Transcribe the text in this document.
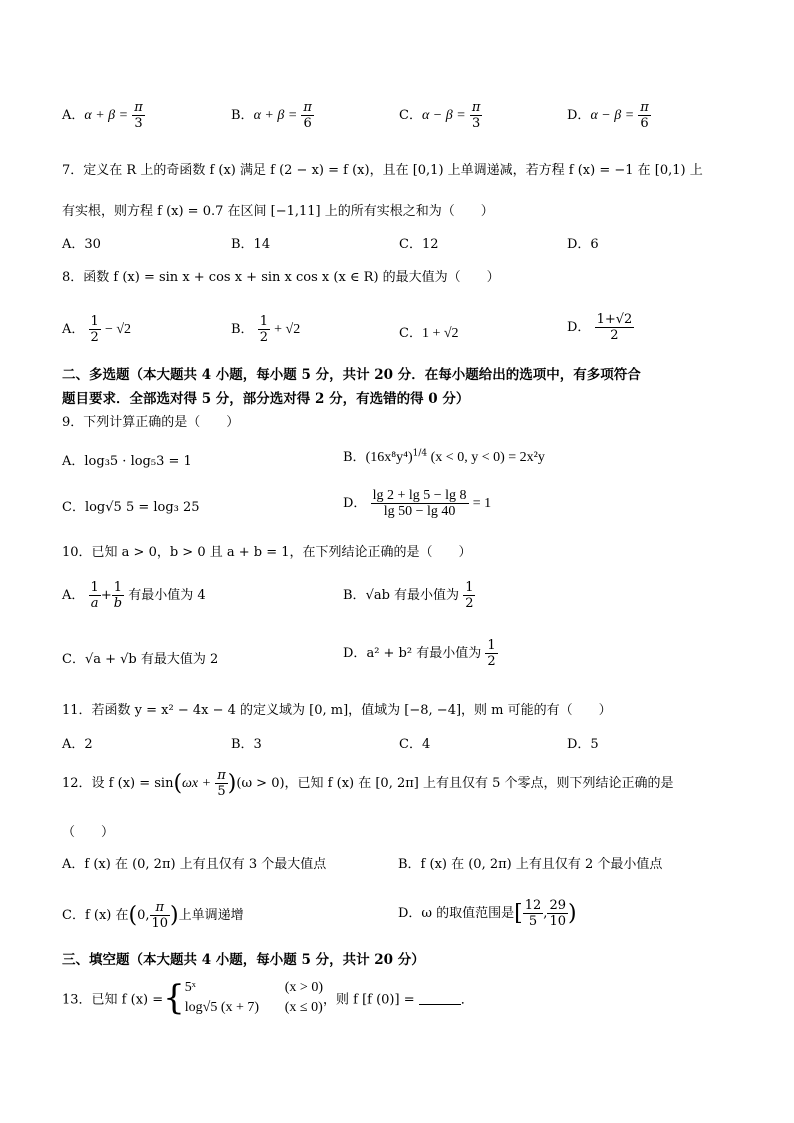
A．$\alpha + \beta = \frac{\pi}{3}$	B．$\alpha + \beta = \frac{\pi}{6}$	C．$\alpha - \beta = \frac{\pi}{3}$	D．$\alpha - \beta = \frac{\pi}{6}$
7．定义在 R 上的奇函数 f (x) 满足 f (2 − x) = f (x)，且在 [0,1) 上单调递减，若方程 f (x) = −1 在 [0,1) 上
有实根，则方程 f (x) = 0.7 在区间 [−1,11] 上的所有实根之和为（　　）
A．30	B．14	C．12	D．6
8．函数 f (x) = sin x + cos x + sin x cos x (x ∈ R) 的最大值为（　　）
A． $\frac{1}{2} - √2$	B． $\frac{1}{2} + √2$	C．1 + √2	D． $\frac{1+√2}{2}$
二、多选题（本大题共 4 小题，每小题 5 分，共计 20 分．在每小题给出的选项中，有多项符合
题目要求．全部选对得 5 分，部分选对得 2 分，有选错的得 0 分）
9．下列计算正确的是（　　）
A．log₃5 · log₅3 = 1	B．$(16x^8y^4)^{1/4}$ (x < 0, y < 0) = 2x²y
C．log√5 5 = log₃ 25	D． $\frac{\lg 2 + \lg 5 - \lg 8}{\lg 50 - \lg 40} = 1$
10．已知 a > 0，b > 0 且 a + b = 1，在下列结论正确的是（　　）
A． $\frac{1}{a} + \frac{1}{b}$ 有最小值为 4	B．√ab 有最小值为 $\frac{1}{2}$
C．√a + √b 有最大值为 2	D．a² + b² 有最小值为 $\frac{1}{2}$
11．若函数 y = x² − 4x − 4 的定义域为 [0, m]，值域为 [−8, −4]，则 m 可能的有（　　）
A．2	B．3	C．4	D．5
12．设 f $(x) = \sin(\omega x + \frac{\pi}{5} )(\omega > 0)$，已知 f (x) 在 [0, 2π] 上有且仅有 5 个零点，则下列结论正确的是
（　　）
A．f (x) 在 (0, 2π) 上有且仅有 3 个最大值点	B．f (x) 在 (0, 2π) 上有且仅有 2 个最小值点
C．f (x) 在(0, $\frac{\pi}{10}$ )上单调递增	D．ω 的取值范围是[ $\frac{12}{5}$ , $\frac{29}{10}$ )
三、填空题（本大题共 4 小题，每小题 5 分，共计 20 分）
13．已知 f (x) ={ 5ˣ	(x > 0)
log√5 (x + 7) (x ≤ 0) ，则 f [f (0)] =	．
